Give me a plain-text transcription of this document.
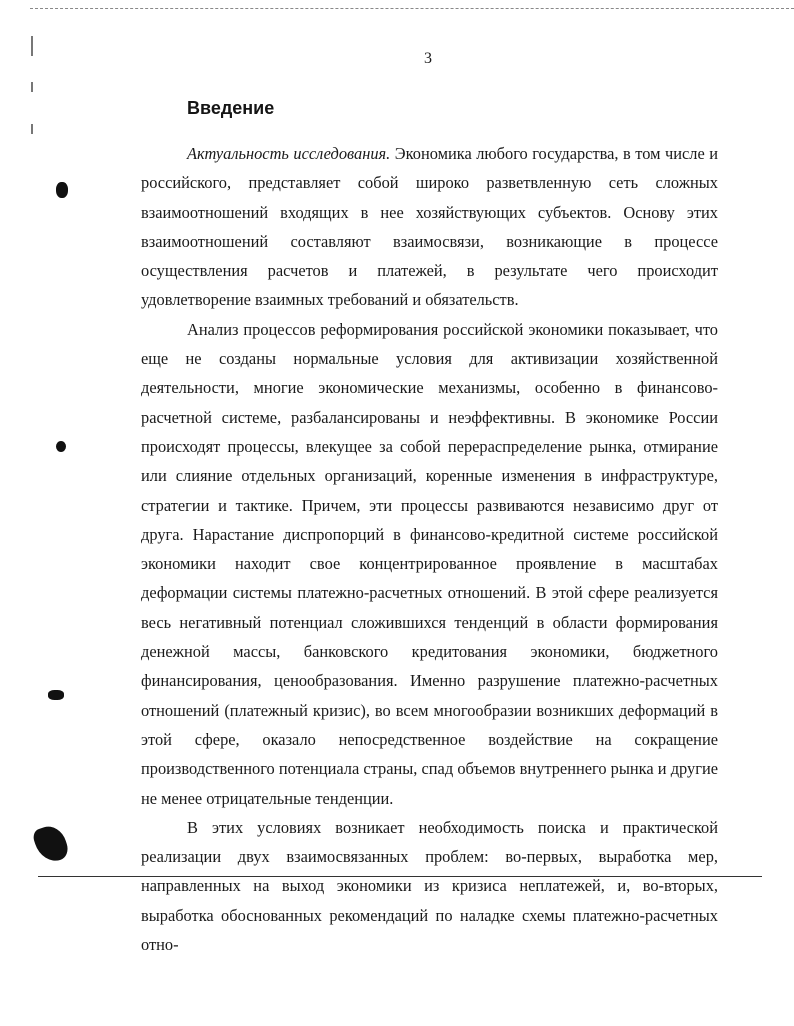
3
Введение

Актуальность исследования. Экономика любого государства, в том числе и российского, представляет собой широко разветвленную сеть сложных взаимоотношений входящих в нее хозяйствующих субъектов. Основу этих взаимоотношений составляют взаимосвязи, возникающие в процессе осуществления расчетов и платежей, в результате чего происходит удовлетворение взаимных требований и обязательств.

Анализ процессов реформирования российской экономики показывает, что еще не созданы нормальные условия для активизации хозяйственной деятельности, многие экономические механизмы, особенно в финансово-расчетной системе, разбалансированы и неэффективны. В экономике России происходят процессы, влекущее за собой перераспределение рынка, отмирание или слияние отдельных организаций, коренные изменения в инфраструктуре, стратегии и тактике. Причем, эти процессы развиваются независимо друг от друга. Нарастание диспропорций в финансово-кредитной системе российской экономики находит свое концентрированное проявление в масштабах деформации системы платежно-расчетных отношений. В этой сфере реализуется весь негативный потенциал сложившихся тенденций в области формирования денежной массы, банковского кредитования экономики, бюджетного финансирования, ценообразования. Именно разрушение платежно-расчетных отношений (платежный кризис), во всем многообразии возникших деформаций в этой сфере, оказало непосредственное воздействие на сокращение производственного потенциала страны, спад объемов внутреннего рынка и другие не менее отрицательные тенденции.

В этих условиях возникает необходимость поиска и практической реализации двух взаимосвязанных проблем: во-первых, выработка мер, направленных на выход экономики из кризиса неплатежей, и, во-вторых, выработка обоснованных рекомендаций по наладке схемы платежно-расчетных отно-
